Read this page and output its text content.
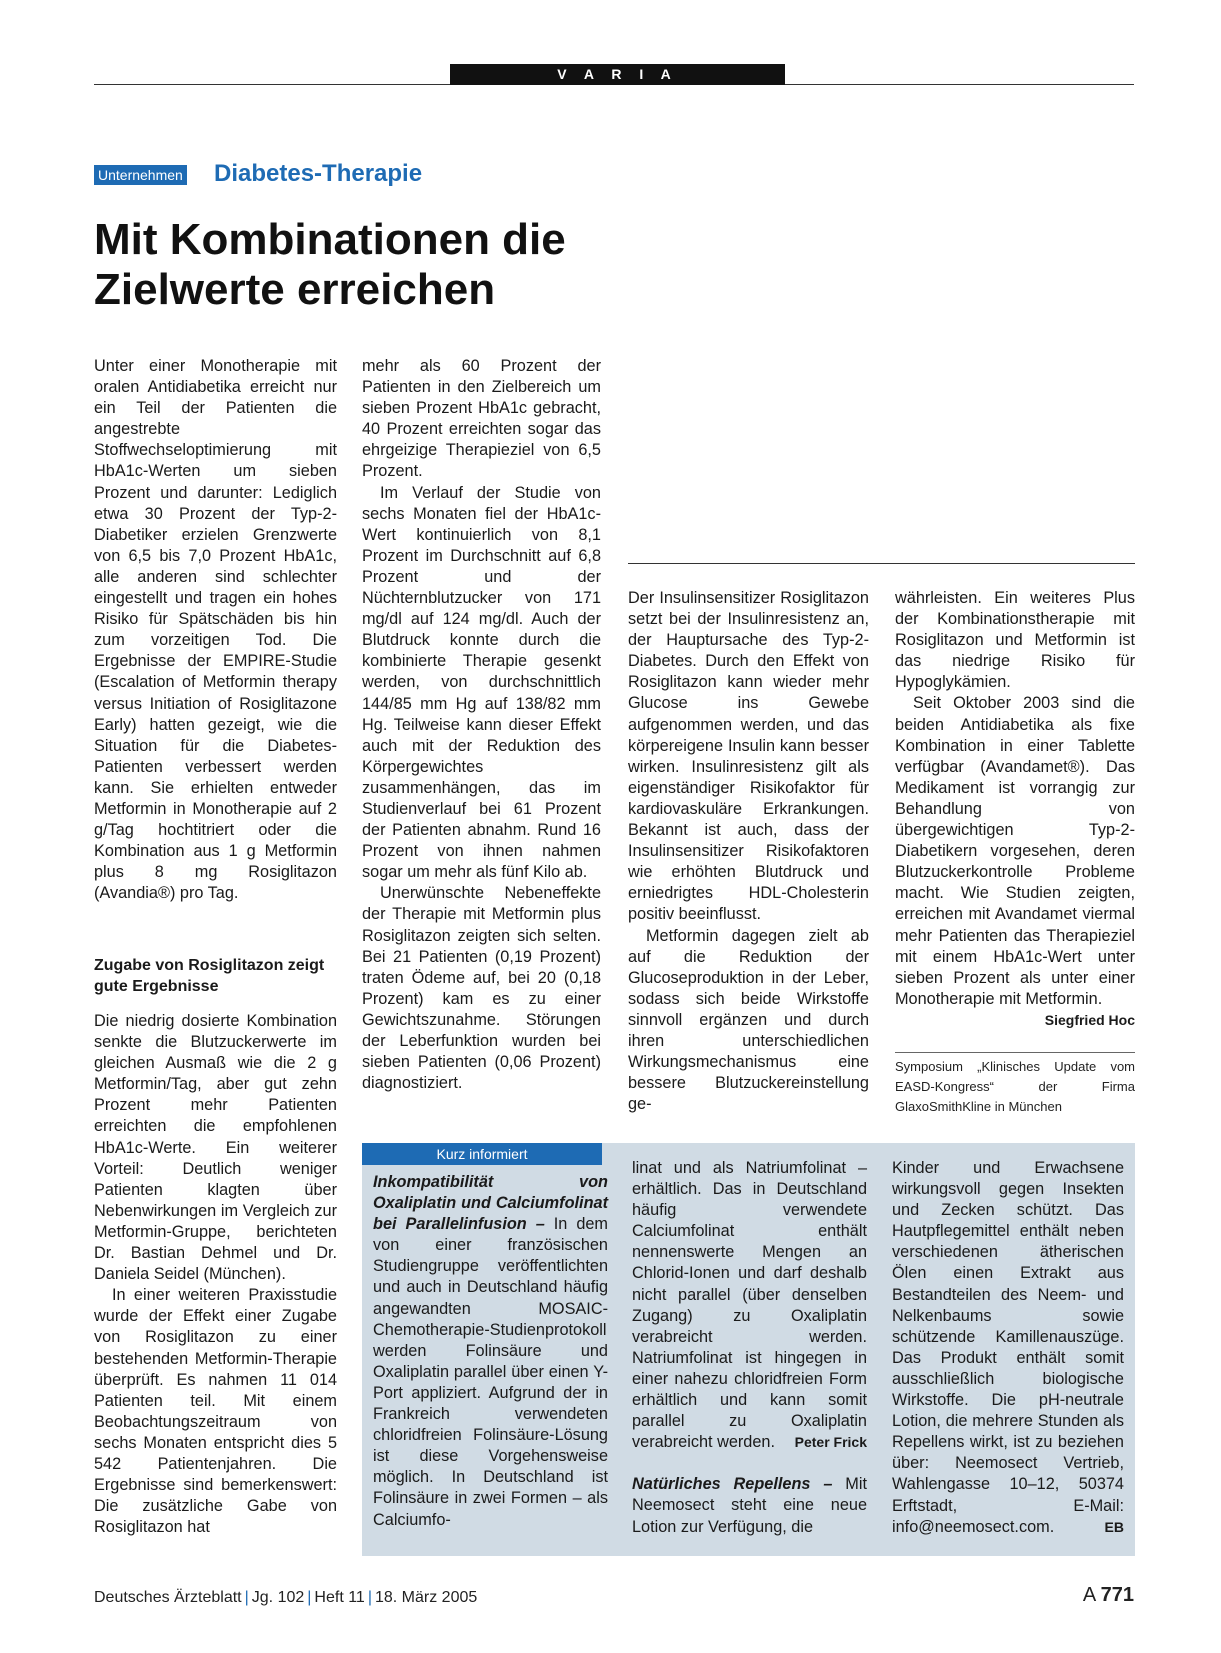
V A R I A
Unternehmen Diabetes-Therapie
Mit Kombinationen die
Zielwerte erreichen

Unter einer Monotherapie mit oralen Antidiabetika erreicht nur ein Teil der Patienten die angestrebte Stoffwechseloptimierung mit HbA1c-Werten um sieben Prozent und darunter: Lediglich etwa 30 Prozent der Typ-2-Diabetiker erzielen Grenzwerte von 6,5 bis 7,0 Prozent HbA1c, alle anderen sind schlechter eingestellt und tragen ein hohes Risiko für Spätschäden bis hin zum vorzeitigen Tod. Die Ergebnisse der EMPIRE-Studie (Escalation of Metformin therapy versus Initiation of Rosiglitazone Early) hatten gezeigt, wie die Situation für die Diabetes-Patienten verbessert werden kann. Sie erhielten entweder Metformin in Monotherapie auf 2 g/Tag hochtitriert oder die Kombination aus 1 g Metformin plus 8 mg Rosiglitazon (Avandia®) pro Tag.

Zugabe von Rosiglitazon zeigt gute Ergebnisse

Die niedrig dosierte Kombination senkte die Blutzuckerwerte im gleichen Ausmaß wie die 2 g Metformin/Tag, aber gut zehn Prozent mehr Patienten erreichten die empfohlenen HbA1c-Werte. Ein weiterer Vorteil: Deutlich weniger Patienten klagten über Nebenwirkungen im Vergleich zur Metformin-Gruppe, berichteten Dr. Bastian Dehmel und Dr. Daniela Seidel (München).

In einer weiteren Praxisstudie wurde der Effekt einer Zugabe von Rosiglitazon zu einer bestehenden Metformin-Therapie überprüft. Es nahmen 11 014 Patienten teil. Mit einem Beobachtungszeitraum von sechs Monaten entspricht dies 5 542 Patientenjahren. Die Ergebnisse sind bemerkenswert: Die zusätzliche Gabe von Rosiglitazon hat

mehr als 60 Prozent der Patienten in den Zielbereich um sieben Prozent HbA1c gebracht, 40 Prozent erreichten sogar das ehrgeizige Therapieziel von 6,5 Prozent.

Im Verlauf der Studie von sechs Monaten fiel der HbA1c-Wert kontinuierlich von 8,1 Prozent im Durchschnitt auf 6,8 Prozent und der Nüchternblutzucker von 171 mg/dl auf 124 mg/dl. Auch der Blutdruck konnte durch die kombinierte Therapie gesenkt werden, von durchschnittlich 144/85 mm Hg auf 138/82 mm Hg. Teilweise kann dieser Effekt auch mit der Reduktion des Körpergewichtes zusammenhängen, das im Studienverlauf bei 61 Prozent der Patienten abnahm. Rund 16 Prozent von ihnen nahmen sogar um mehr als fünf Kilo ab.

Unerwünschte Nebeneffekte der Therapie mit Metformin plus Rosiglitazon zeigten sich selten. Bei 21 Patienten (0,19 Prozent) traten Ödeme auf, bei 20 (0,18 Prozent) kam es zu einer Gewichtszunahme. Störungen der Leberfunktion wurden bei sieben Patienten (0,06 Prozent) diagnostiziert.

Der Insulinsensitizer Rosiglitazon setzt bei der Insulinresistenz an, der Hauptursache des Typ-2-Diabetes. Durch den Effekt von Rosiglitazon kann wieder mehr Glucose ins Gewebe aufgenommen werden, und das körpereigene Insulin kann besser wirken. Insulinresistenz gilt als eigenständiger Risikofaktor für kardiovaskuläre Erkrankungen. Bekannt ist auch, dass der Insulinsensitizer Risikofaktoren wie erhöhten Blutdruck und erniedrigtes HDL-Cholesterin positiv beeinflusst.

Metformin dagegen zielt ab auf die Reduktion der Glucoseproduktion in der Leber, sodass sich beide Wirkstoffe sinnvoll ergänzen und durch ihren unterschiedlichen Wirkungsmechanismus eine bessere Blutzuckereinstellung ge-

währleisten. Ein weiteres Plus der Kombinationstherapie mit Rosiglitazon und Metformin ist das niedrige Risiko für Hypoglykämien.

Seit Oktober 2003 sind die beiden Antidiabetika als fixe Kombination in einer Tablette verfügbar (Avandamet®). Das Medikament ist vorrangig zur Behandlung von übergewichtigen Typ-2-Diabetikern vorgesehen, deren Blutzuckerkontrolle Probleme macht. Wie Studien zeigten, erreichen mit Avandamet viermal mehr Patienten das Therapieziel mit einem HbA1c-Wert unter sieben Prozent als unter einer Monotherapie mit Metformin.
Siegfried Hoc

Symposium „Klinisches Update vom EASD-Kongress“ der Firma GlaxoSmithKline in München
Kurz informiert
Inkompatibilität von Oxaliplatin und Calciumfolinat bei Parallelinfusion – In dem von einer französischen Studiengruppe veröffentlichten und auch in Deutschland häufig angewandten MOSAIC-Chemotherapie-Studienprotokoll werden Folinsäure und Oxaliplatin parallel über einen Y-Port appliziert. Aufgrund der in Frankreich verwendeten chloridfreien Folinsäure-Lösung ist diese Vorgehensweise möglich. In Deutschland ist Folinsäure in zwei Formen – als Calciumfo-

linat und als Natriumfolinat – erhältlich. Das in Deutschland häufig verwendete Calciumfolinat enthält nennenswerte Mengen an Chlorid-Ionen und darf deshalb nicht parallel (über denselben Zugang) zu Oxaliplatin verabreicht werden. Natriumfolinat ist hingegen in einer nahezu chloridfreien Form erhältlich und kann somit parallel zu Oxaliplatin verabreicht werden. Peter Frick

Natürliches Repellens – Mit Neemosect steht eine neue Lotion zur Verfügung, die

Kinder und Erwachsene wirkungsvoll gegen Insekten und Zecken schützt. Das Hautpflegemittel enthält neben verschiedenen ätherischen Ölen einen Extrakt aus Bestandteilen des Neem- und Nelkenbaums sowie schützende Kamillenauszüge. Das Produkt enthält somit ausschließlich biologische Wirkstoffe. Die pH-neutrale Lotion, die mehrere Stunden als Repellens wirkt, ist zu beziehen über: Neemosect Vertrieb, Wahlengasse 10–12, 50374 Erftstadt, E-Mail: info@neemosect.com.	EB

Deutsches Ärzteblatt | Jg. 102 | Heft 11 | 18. März 2005	A 771
